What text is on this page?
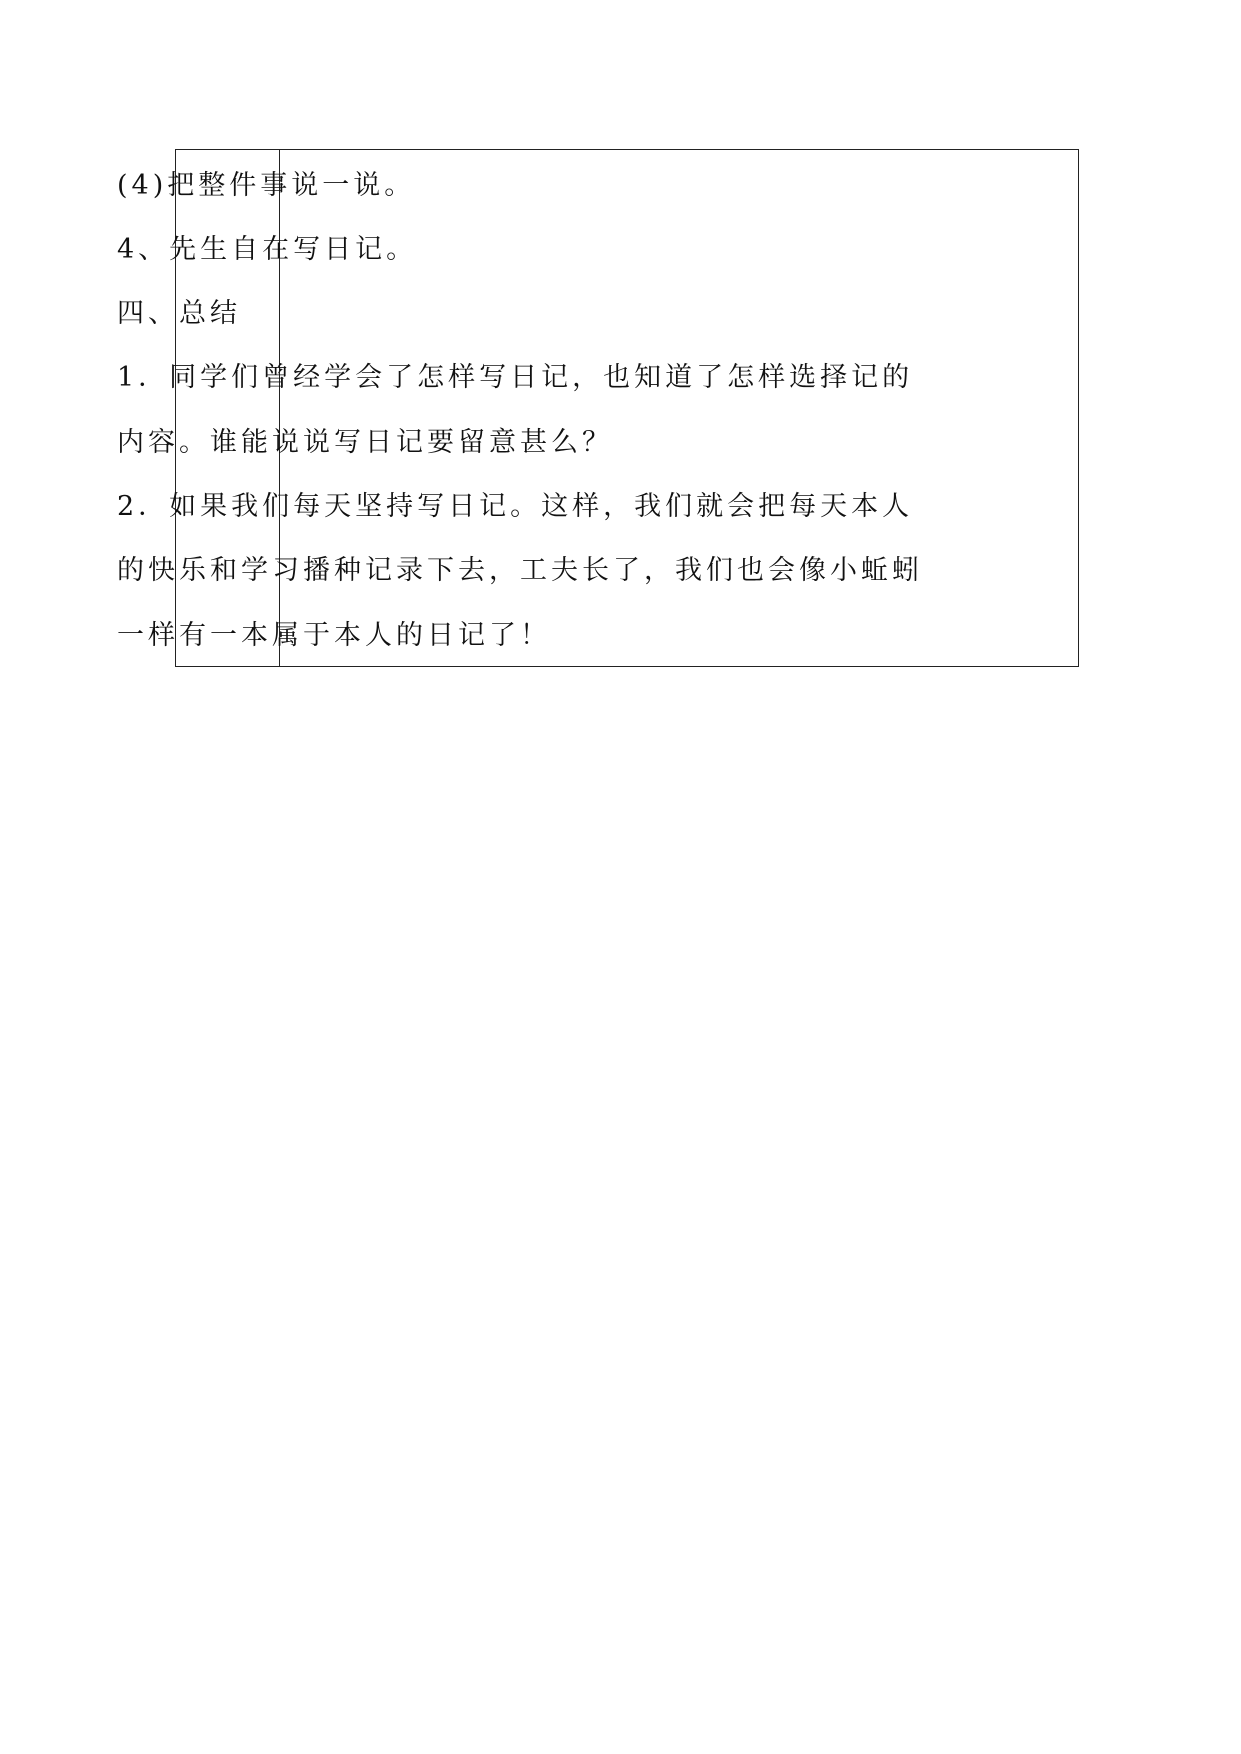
(4)把整件事说一说。

4、先生自在写日记。

四、总结

1．同学们曾经学会了怎样写日记，也知道了怎样选择记的

内容。谁能说说写日记要留意甚么？

2．如果我们每天坚持写日记。这样，我们就会把每天本人

的快乐和学习播种记录下去，工夫长了，我们也会像小蚯蚓

一样有一本属于本人的日记了！
